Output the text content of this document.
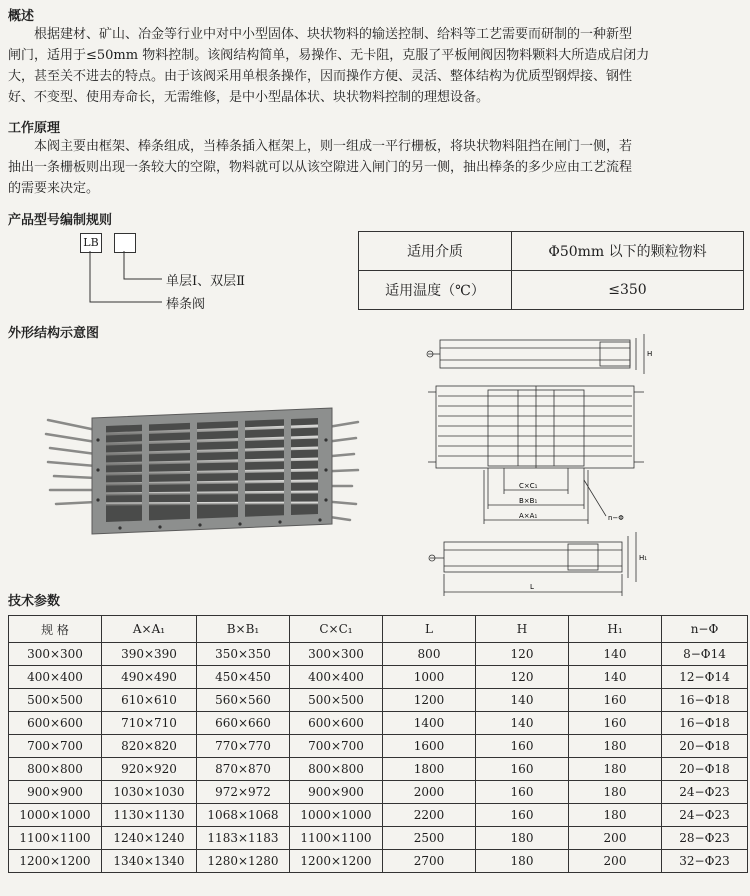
概述
根据建材、矿山、冶金等行业中对中小型固体、块状物料的输送控制、给料等工艺需要而研制的一种新型
闸门，适用于≤50mm 物料控制。该阀结构简单，易操作、无卡阻，克服了平板闸阀因物料颗料大所造成启闭力
大，甚至关不进去的特点。由于该阀采用单根条操作，因而操作方便、灵活、整体结构为优质型钢焊接、钢性
好、不变型、使用寿命长，无需维修，是中小型晶体状、块状物料控制的理想设备。
工作原理
本阀主要由框架、棒条组成，当棒条插入框架上，则一组成一平行栅板，将块状物料阻挡在闸门一侧，若
抽出一条栅板则出现一条较大的空隙，物料就可以从该空隙进入闸门的另一侧，抽出棒条的多少应由工艺流程
的需要来决定。
产品型号编制规则
LB
单层Ⅰ、双层Ⅱ
棒条阀
适用介质	Φ50mm 以下的颗粒物料
适用温度（℃）	≤350
外形结构示意图
C×C₁
B×B₁
A×A₁	n−Φ
H
H₁
L
技术参数
规 格	A×A₁	B×B₁	C×C₁	L	H	H₁	n−Φ
300×300	390×390	350×350	300×300	800	120	140	8−Φ14
400×400	490×490	450×450	400×400	1000	120	140	12−Φ14
500×500	610×610	560×560	500×500	1200	140	160	16−Φ18
600×600	710×710	660×660	600×600	1400	140	160	16−Φ18
700×700	820×820	770×770	700×700	1600	160	180	20−Φ18
800×800	920×920	870×870	800×800	1800	160	180	20−Φ18
900×900	1030×1030	972×972	900×900	2000	160	180	24−Φ23
1000×1000	1130×1130	1068×1068	1000×1000	2200	160	180	24−Φ23
1100×1100	1240×1240	1183×1183	1100×1100	2500	180	200	28−Φ23
1200×1200	1340×1340	1280×1280	1200×1200	2700	180	200	32−Φ23
